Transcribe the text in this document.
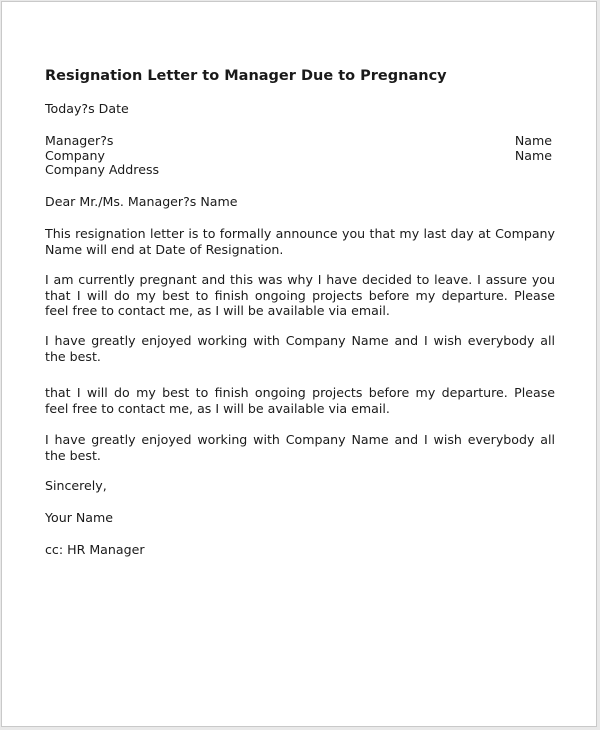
Resignation Letter to Manager Due to Pregnancy
Today?s Date
Manager?s	Name
Company	Name
Company Address
Dear Mr./Ms. Manager?s Name
This resignation letter is to formally announce you that my last day at Company
Name will end at Date of Resignation.
I am currently pregnant and this was why I have decided to leave. I assure you
that I will do my best to finish ongoing projects before my departure. Please
feel free to contact me, as I will be available via email.
I have greatly enjoyed working with Company Name and I wish everybody all
the best.
that I will do my best to finish ongoing projects before my departure. Please
feel free to contact me, as I will be available via email.
I have greatly enjoyed working with Company Name and I wish everybody all
the best.
Sincerely,
Your Name
cc: HR Manager
